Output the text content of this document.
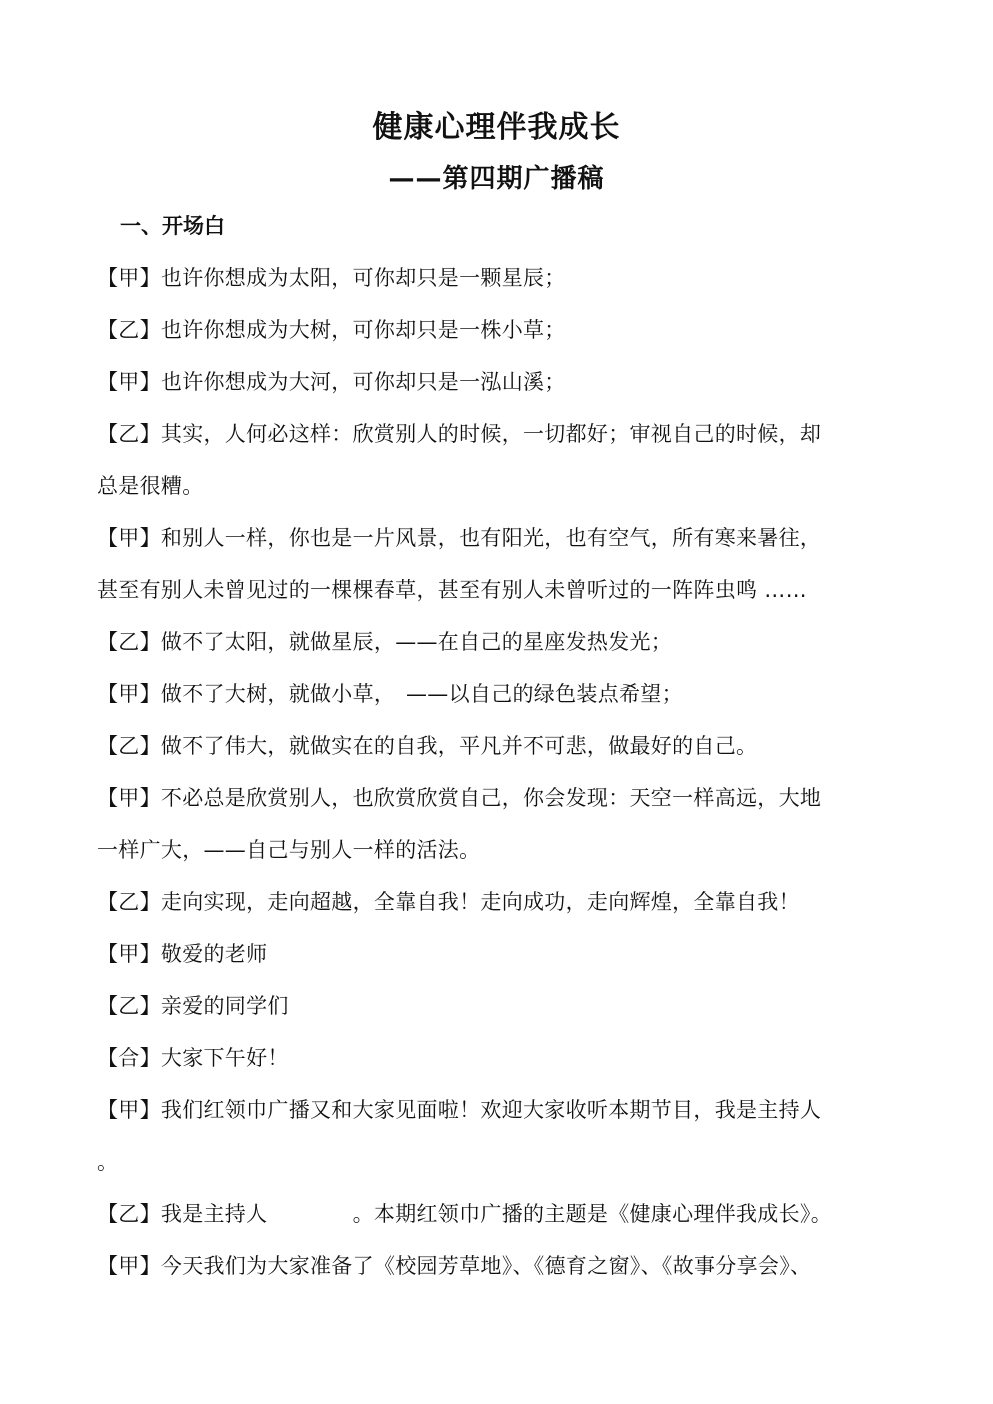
健康心理伴我成长
——第四期广播稿
一、开场白
【甲】也许你想成为太阳，可你却只是一颗星辰；
【乙】也许你想成为大树，可你却只是一株小草；
【甲】也许你想成为大河，可你却只是一泓山溪；
【乙】其实，人何必这样：欣赏别人的时候，一切都好；审视自己的时候，却
总是很糟。
【甲】和别人一样，你也是一片风景，也有阳光，也有空气，所有寒来暑往，
甚至有别人未曾见过的一棵棵春草，甚至有别人未曾听过的一阵阵虫鸣 ……
【乙】做不了太阳，就做星辰，——在自己的星座发热发光；
【甲】做不了大树，就做小草，　——以自己的绿色装点希望；
【乙】做不了伟大，就做实在的自我，平凡并不可悲，做最好的自己。
【甲】不必总是欣赏别人，也欣赏欣赏自己，你会发现：天空一样高远，大地
一样广大，——自己与别人一样的活法。
【乙】走向实现，走向超越，全靠自我！走向成功，走向辉煌，全靠自我！
【甲】敬爱的老师
【乙】亲爱的同学们
【合】大家下午好！
【甲】我们红领巾广播又和大家见面啦！欢迎大家收听本期节目，我是主持人
。
【乙】我是主持人　　　　。本期红领巾广播的主题是《健康心理伴我成长》。
【甲】今天我们为大家准备了《校园芳草地》、《德育之窗》、《故事分享会》、
